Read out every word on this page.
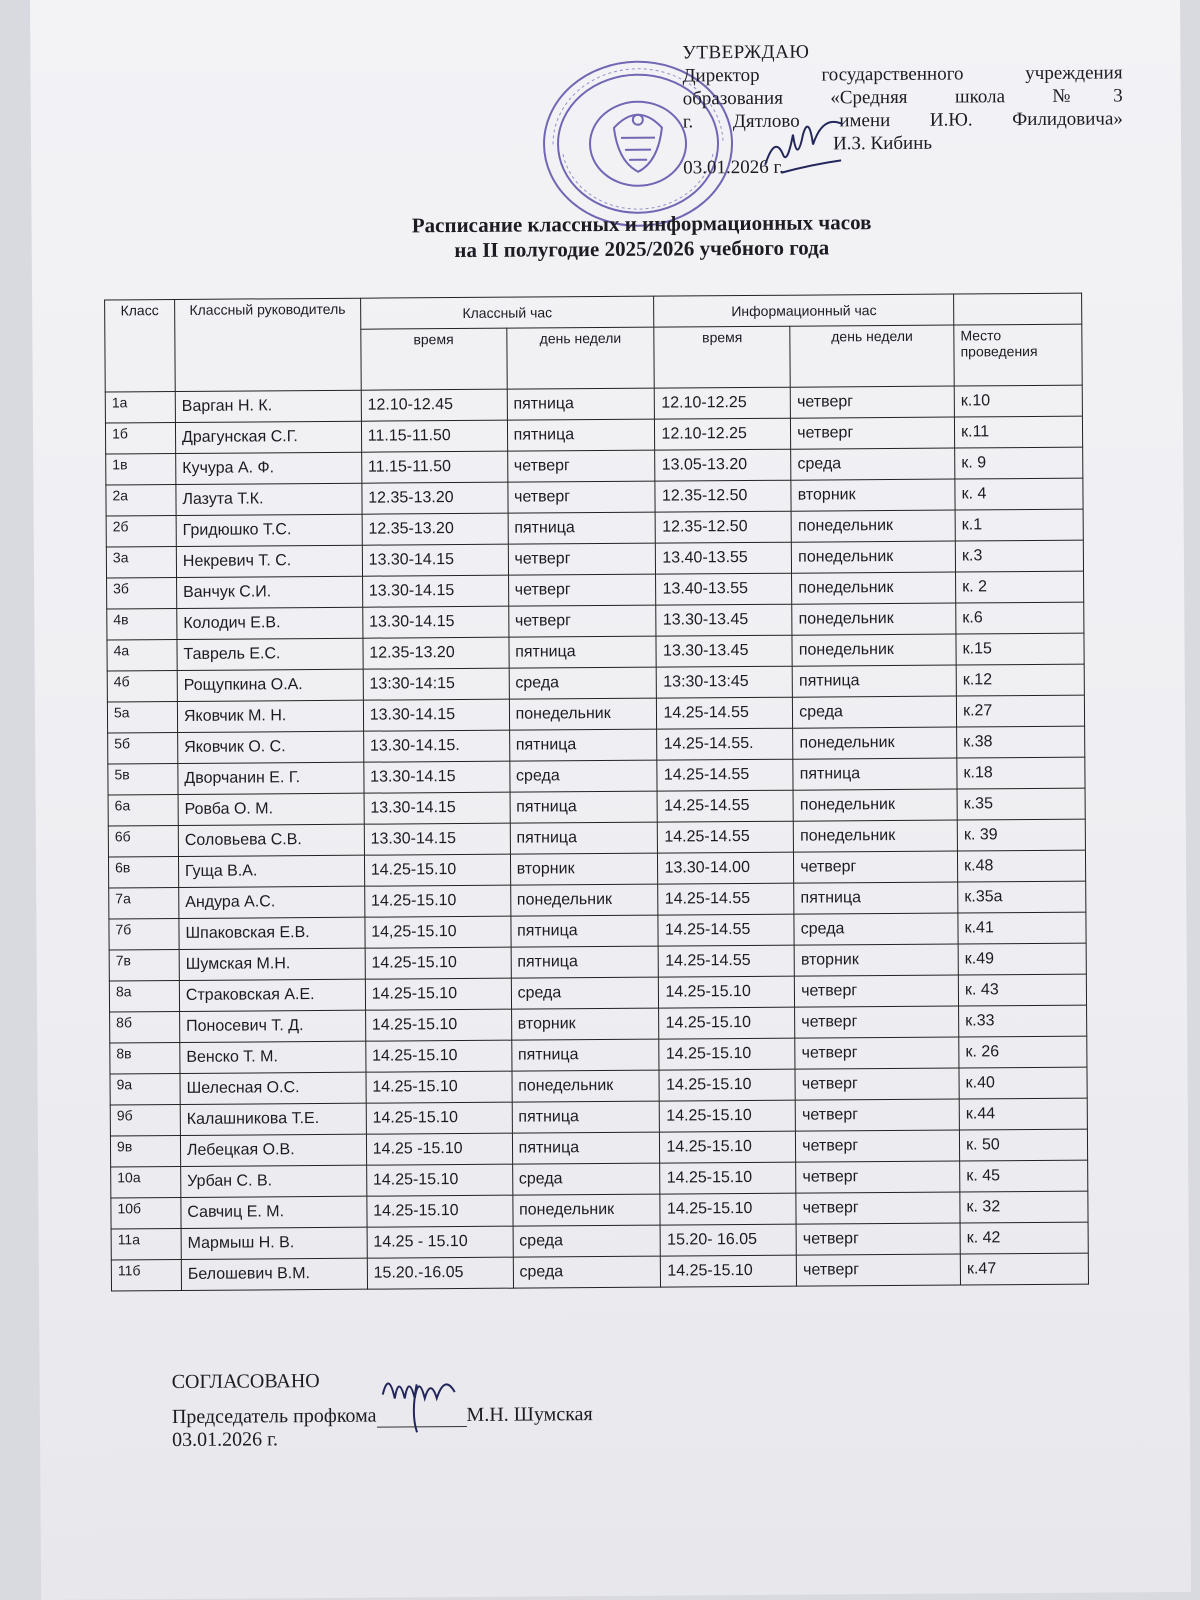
УТВЕРЖДАЮ
Директор государственного учреждения
образования «Средняя школа №3
г. Дятлово имени И.Ю. Филидовича»
И.З. Кибинь
03.01.2026 г.
Расписание классных и информационных часов
на II полугодие 2025/2026 учебного года
Класс	Классный руководитель	Классный час		Информационный час		
		время	день недели	время	день недели	Место проведения
1а	Варган Н. К.	12.10-12.45	пятница	12.10-12.25	четверг	к.10
1б	Драгунская С.Г.	11.15-11.50	пятница	12.10-12.25	четверг	к.11
1в	Кучура А. Ф.	11.15-11.50	четверг	13.05-13.20	среда	к. 9
2а	Лазута Т.К.	12.35-13.20	четверг	12.35-12.50	вторник	к. 4
2б	Гридюшко Т.С.	12.35-13.20	пятница	12.35-12.50	понедельник	к.1
3а	Некревич Т. С.	13.30-14.15	четверг	13.40-13.55	понедельник	к.3
3б	Ванчук С.И.	13.30-14.15	четверг	13.40-13.55	понедельник	к. 2
4в	Колодич Е.В.	13.30-14.15	четверг	13.30-13.45	понедельник	к.6
4а	Таврель Е.С.	12.35-13.20	пятница	13.30-13.45	понедельник	к.15
4б	Рощупкина О.А.	13:30-14:15	среда	13:30-13:45	пятница	к.12
5а	Яковчик М. Н.	13.30-14.15	понедельник	14.25-14.55	среда	к.27
5б	Яковчик О. С.	13.30-14.15.	пятница	14.25-14.55.	понедельник	к.38
5в	Дворчанин Е. Г.	13.30-14.15	среда	14.25-14.55	пятница	к.18
6а	Ровба О. М.	13.30-14.15	пятница	14.25-14.55	понедельник	к.35
6б	Соловьева С.В.	13.30-14.15	пятница	14.25-14.55	понедельник	к. 39
6в	Гуща В.А.	14.25-15.10	вторник	13.30-14.00	четверг	к.48
7а	Андура А.С.	14.25-15.10	понедельник	14.25-14.55	пятница	к.35а
7б	Шпаковская Е.В.	14,25-15.10	пятница	14.25-14.55	среда	к.41
7в	Шумская М.Н.	14.25-15.10	пятница	14.25-14.55	вторник	к.49
8а	Страковская А.Е.	14.25-15.10	среда	14.25-15.10	четверг	к. 43
8б	Поносевич Т. Д.	14.25-15.10	вторник	14.25-15.10	четверг	к.33
8в	Венско Т. М.	14.25-15.10	пятница	14.25-15.10	четверг	к. 26
9а	Шелесная О.С.	14.25-15.10	понедельник	14.25-15.10	четверг	к.40
9б	Калашникова Т.Е.	14.25-15.10	пятница	14.25-15.10	четверг	к.44
9в	Лебецкая О.В.	14.25 -15.10	пятница	14.25-15.10	четверг	к. 50
10а	Урбан С. В.	14.25-15.10	среда	14.25-15.10	четверг	к. 45
10б	Савчиц Е. М.	14.25-15.10	понедельник	14.25-15.10	четверг	к. 32
11а	Мармыш Н. В.	14.25 - 15.10	среда	15.20- 16.05	четверг	к. 42
11б	Белошевич В.М.	15.20.-16.05	среда	14.25-15.10	четверг	к.47
СОГЛАСОВАНО
Председатель профкома	М.Н. Шумская
03.01.2026 г.
